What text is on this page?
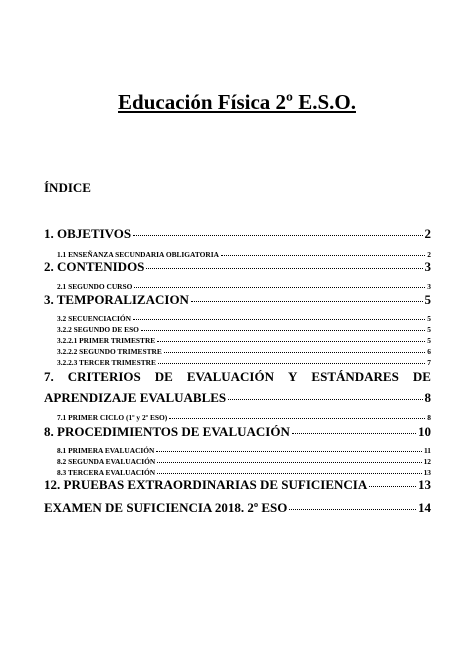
Educación Física 2º E.S.O.
ÍNDICE
1. OBJETIVOS	2
1.1 ENSEÑANZA SECUNDARIA OBLIGATORIA	2
2. CONTENIDOS	3
2.1 SEGUNDO CURSO	3
3. TEMPORALIZACION	5
3.2 SECUENCIACIÓN	5
3.2.2 SEGUNDO DE ESO	5
3.2.2.1 PRIMER TRIMESTRE	5
3.2.2.2 SEGUNDO TRIMESTRE	6
3.2.2.3 TERCER TRIMESTRE	7
7. CRITERIOS DE EVALUACIÓN Y ESTÁNDARES DE
APRENDIZAJE EVALUABLES	8
7.1 PRIMER CICLO (1º y 2º ESO)	8
8. PROCEDIMIENTOS DE EVALUACIÓN	10
8.1 PRIMERA EVALUACIÓN	11
8.2 SEGUNDA EVALUACIÓN	12
8.3 TERCERA EVALUACIÓN	13
12. PRUEBAS EXTRAORDINARIAS DE SUFICIENCIA	13
EXAMEN DE SUFICIENCIA 2018. 2º ESO	14
